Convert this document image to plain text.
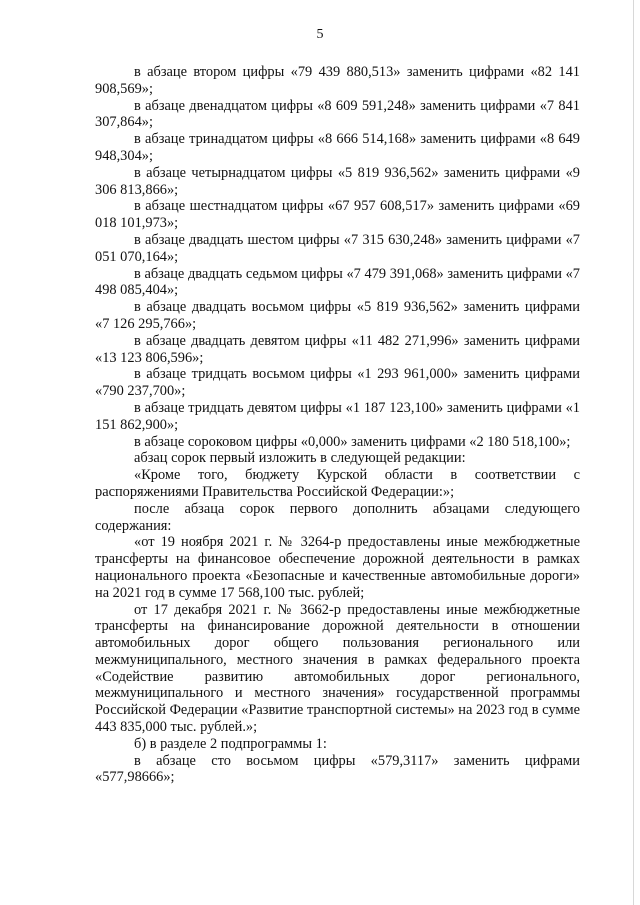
5

в абзаце втором цифры «79 439 880,513» заменить цифрами «82 141 908,569»;

в абзаце двенадцатом цифры «8 609 591,248» заменить цифрами «7 841 307,864»;

в абзаце тринадцатом цифры «8 666 514,168» заменить цифрами «8 649 948,304»;

в абзаце четырнадцатом цифры «5 819 936,562» заменить цифрами «9 306 813,866»;

в абзаце шестнадцатом цифры «67 957 608,517» заменить цифрами «69 018 101,973»;

в абзаце двадцать шестом цифры «7 315 630,248» заменить цифрами «7 051 070,164»;

в абзаце двадцать седьмом цифры «7 479 391,068» заменить цифрами «7 498 085,404»;

в абзаце двадцать восьмом цифры «5 819 936,562» заменить цифрами «7 126 295,766»;

в абзаце двадцать девятом цифры «11 482 271,996» заменить цифрами «13 123 806,596»;

в абзаце тридцать восьмом цифры «1 293 961,000» заменить цифрами «790 237,700»;

в абзаце тридцать девятом цифры «1 187 123,100» заменить цифрами «1 151 862,900»;

в абзаце сороковом цифры «0,000» заменить цифрами «2 180 518,100»;

абзац сорок первый изложить в следующей редакции:

«Кроме того, бюджету Курской области в соответствии с распоряжениями Правительства Российской Федерации:»;

после абзаца сорок первого дополнить абзацами следующего содержания:

«от 19 ноября 2021 г. № 3264-р предоставлены иные межбюджетные трансферты на финансовое обеспечение дорожной деятельности в рамках национального проекта «Безопасные и качественные автомобильные дороги» на 2021 год в сумме 17 568,100 тыс. рублей;

от 17 декабря 2021 г. № 3662-р предоставлены иные межбюджетные трансферты на финансирование дорожной деятельности в отношении автомобильных дорог общего пользования регионального или межмуниципального, местного значения в рамках федерального проекта «Содействие развитию автомобильных дорог регионального, межмуниципального и местного значения» государственной программы Российской Федерации «Развитие транспортной системы» на 2023 год в сумме 443 835,000 тыс. рублей.»;

б) в разделе 2 подпрограммы 1:

в абзаце сто восьмом цифры «579,3117» заменить цифрами «577,98666»;
